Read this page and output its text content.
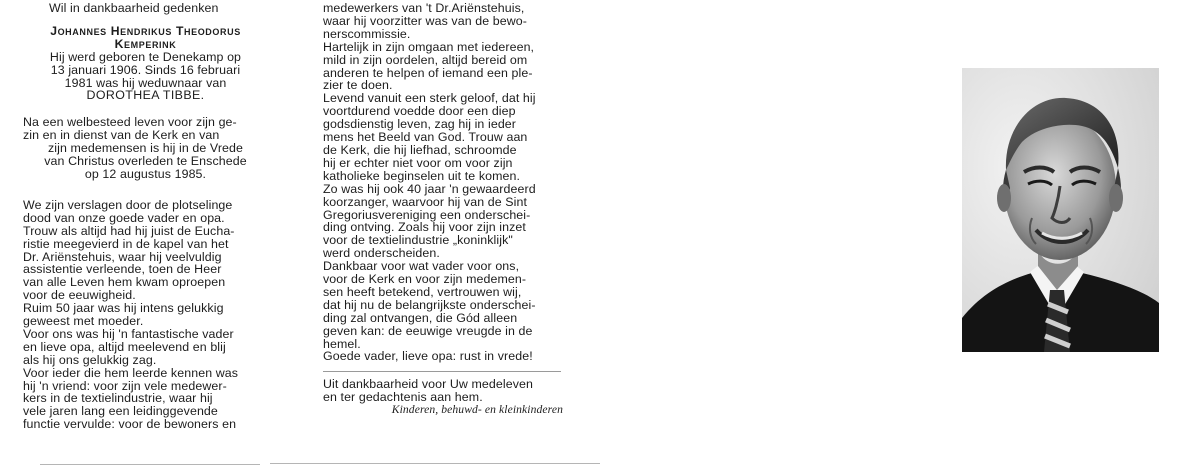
Wil in dankbaarheid gedenken

Johannes Hendrikus Theodorus

Kemperink

Hij werd geboren te Denekamp op

13 januari 1906. Sinds 16 februari

1981 was hij weduwnaar van

DOROTHEA TIBBE.

Na een welbesteed leven voor zijn ge-

zin en in dienst van de Kerk en van

zijn medemensen is hij in de Vrede

van Christus overleden te Enschede

op 12 augustus 1985.

We zijn verslagen door de plotselinge

dood van onze goede vader en opa.

Trouw als altijd had hij juist de Eucha-

ristie meegevierd in de kapel van het

Dr. Ariënstehuis, waar hij veelvuldig

assistentie verleende, toen de Heer

van alle Leven hem kwam oproepen

voor de eeuwigheid.

Ruim 50 jaar was hij intens gelukkig

geweest met moeder.

Voor ons was hij 'n fantastische vader

en lieve opa, altijd meelevend en blij

als hij ons gelukkig zag.

Voor ieder die hem leerde kennen was

hij 'n vriend: voor zijn vele medewer-

kers in de textielindustrie, waar hij

vele jaren lang een leidinggevende

functie vervulde: voor de bewoners en

medewerkers van 't Dr.Ariënstehuis,

waar hij voorzitter was van de bewo-

nerscommissie.

Hartelijk in zijn omgaan met iedereen,

mild in zijn oordelen, altijd bereid om

anderen te helpen of iemand een ple-

zier te doen.

Levend vanuit een sterk geloof, dat hij

voortdurend voedde door een diep

godsdienstig leven, zag hij in ieder

mens het Beeld van God. Trouw aan

de Kerk, die hij liefhad, schroomde

hij er echter niet voor om voor zijn

katholieke beginselen uit te komen.

Zo was hij ook 40 jaar 'n gewaardeerd

koorzanger, waarvoor hij van de Sint

Gregoriusvereniging een onderschei-

ding ontving. Zoals hij voor zijn inzet

voor de textielindustrie „koninklijk"

werd onderscheiden.

Dankbaar voor wat vader voor ons,

voor de Kerk en voor zijn medemen-

sen heeft betekend, vertrouwen wij,

dat hij nu de belangrijkste onderschei-

ding zal ontvangen, die Gód alleen

geven kan: de eeuwige vreugde in de

hemel.

Goede vader, lieve opa: rust in vrede!

Uit dankbaarheid voor Uw medeleven

en ter gedachtenis aan hem.

Kinderen, behuwd- en kleinkinderen
